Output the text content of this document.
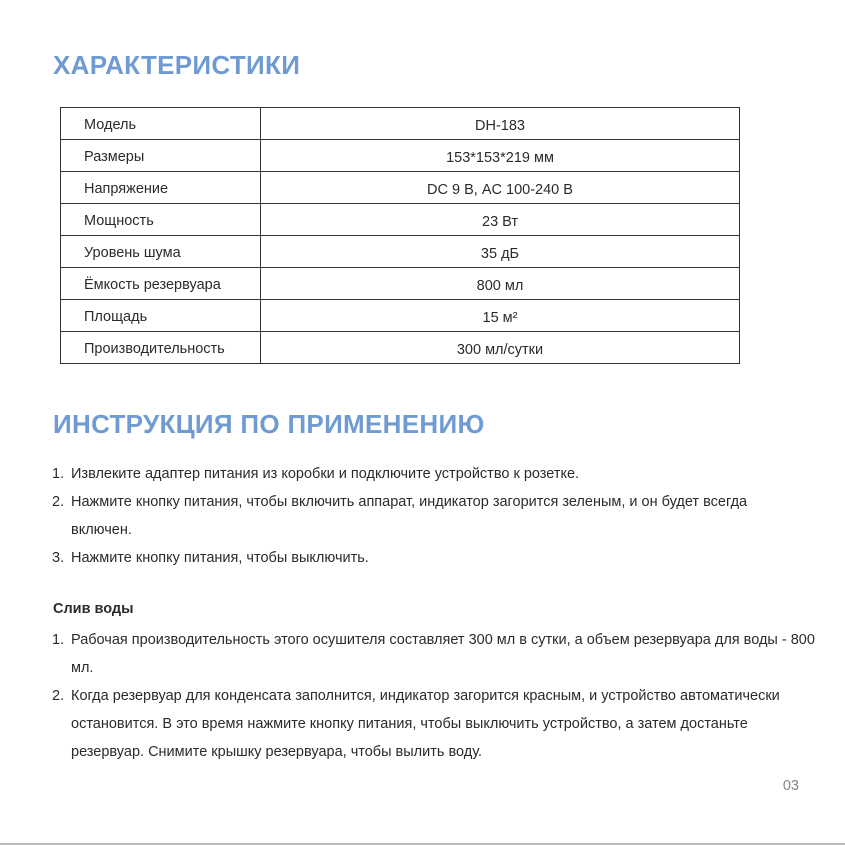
ХАРАКТЕРИСТИКИ
Модель	DH-183
Размеры	153*153*219 мм
Напряжение	DC 9 В, AC 100-240 В
Мощность	23 Вт
Уровень шума	35 дБ
Ёмкость резервуара	800 мл
Площадь	15 м²
Производительность	300 мл/сутки
ИНСТРУКЦИЯ ПО ПРИМЕНЕНИЮ
1. Извлеките адаптер питания из коробки и подключите устройство к розетке.
2. Нажмите кнопку питания, чтобы включить аппарат, индикатор загорится зеленым, и он будет всегда включен.
3. Нажмите кнопку питания, чтобы выключить.
Слив воды
1. Рабочая производительность этого осушителя составляет 300 мл в сутки, а объем резервуара для воды - 800 мл.
2. Когда резервуар для конденсата заполнится, индикатор загорится красным, и устройство автоматически остановится. В это время нажмите кнопку питания, чтобы выключить устройство, а затем достаньте резервуар. Снимите крышку резервуара, чтобы вылить воду.
03
